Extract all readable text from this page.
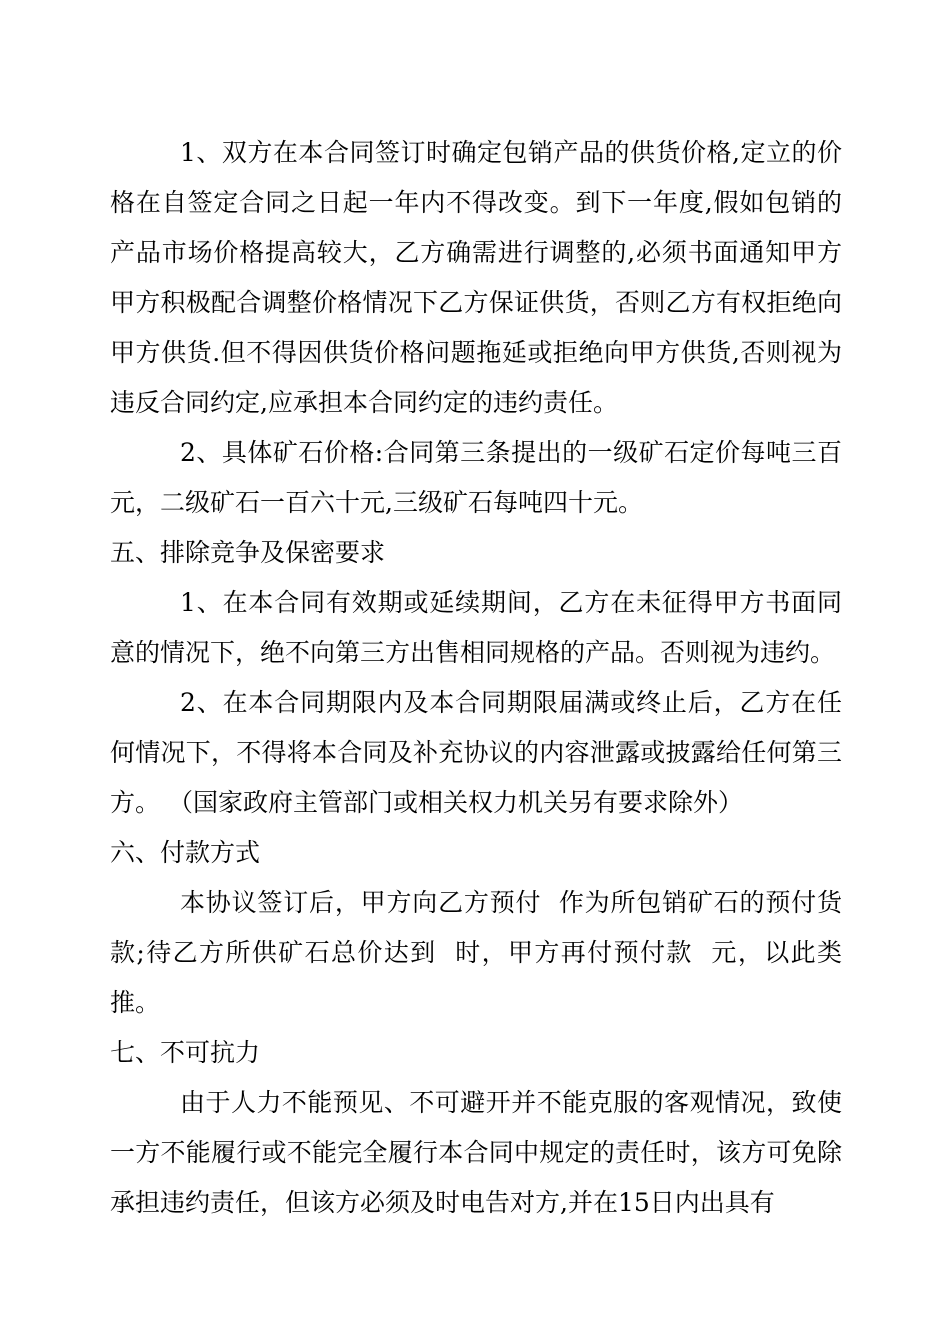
1、双方在本合同签订时确定包销产品的供货价格,定立的价格在自签定合同之日起一年内不得改变。到下一年度,假如包销的产品市场价格提高较大，乙方确需进行调整的,必须书面通知甲方甲方积极配合调整价格情况下乙方保证供货，否则乙方有权拒绝向甲方供货.但不得因供货价格问题拖延或拒绝向甲方供货,否则视为违反合同约定,应承担本合同约定的违约责任。

2、具体矿石价格:合同第三条提出的一级矿石定价每吨三百元，二级矿石一百六十元,三级矿石每吨四十元。

五、排除竞争及保密要求

1、在本合同有效期或延续期间，乙方在未征得甲方书面同意的情况下，绝不向第三方出售相同规格的产品。否则视为违约。

2、在本合同期限内及本合同期限届满或终止后，乙方在任何情况下，不得将本合同及补充协议的内容泄露或披露给任何第三方。 （国家政府主管部门或相关权力机关另有要求除外）

六、付款方式

本协议签订后，甲方向乙方预付  作为所包销矿石的预付货款;待乙方所供矿石总价达到  时，甲方再付预付款  元，以此类推。

七、不可抗力

由于人力不能预见、不可避开并不能克服的客观情况，致使一方不能履行或不能完全履行本合同中规定的责任时，该方可免除承担违约责任，但该方必须及时电告对方,并在15日内出具有
